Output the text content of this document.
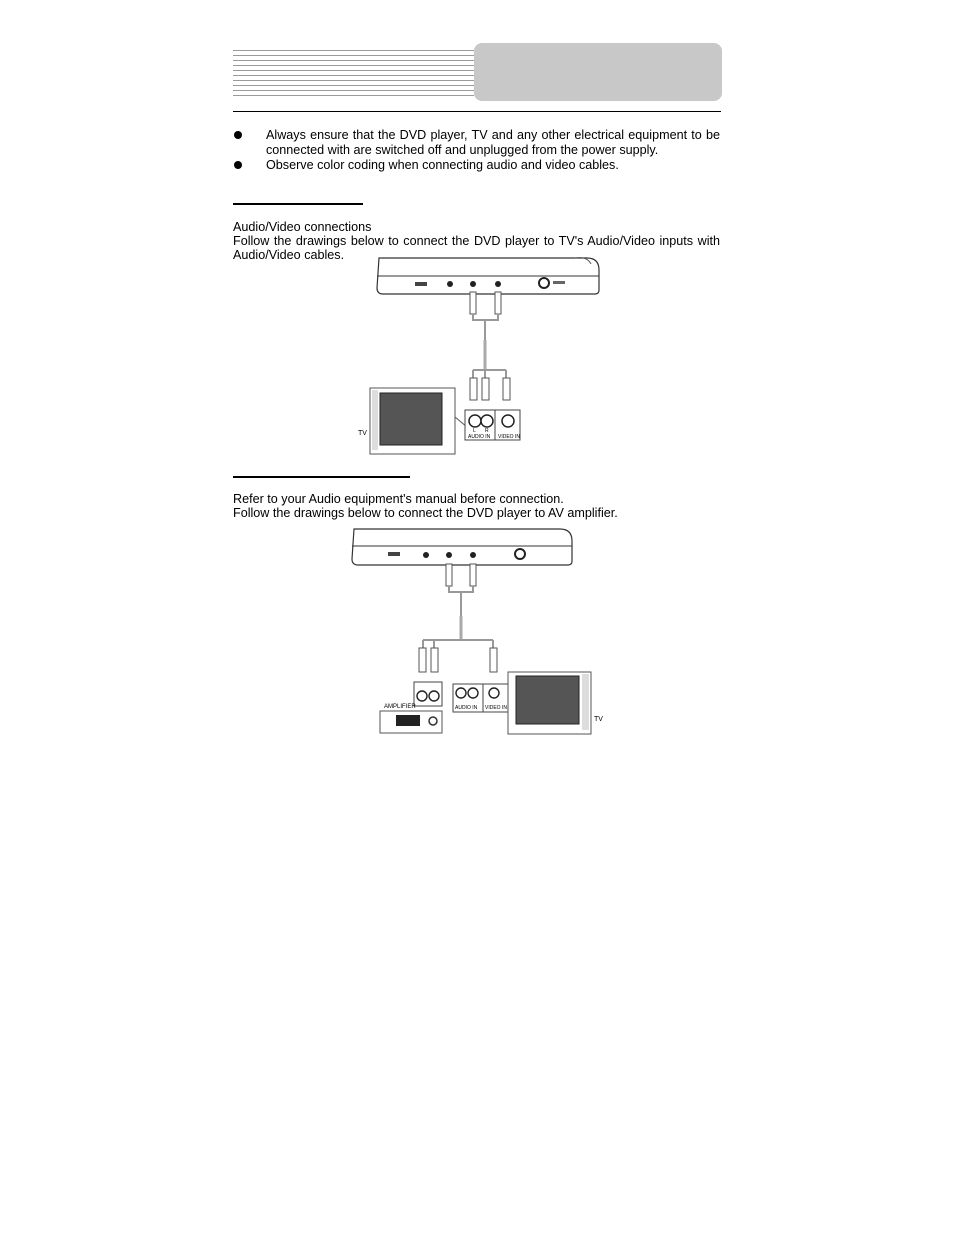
Always ensure that the DVD player, TV and any other electrical equipment to be connected with are switched off and unplugged from the power supply.
Observe color coding when connecting audio and video cables.
Audio/Video connections
Follow the drawings below to connect the DVD player to TV's Audio/Video inputs with Audio/Video cables.
TV	L R
AUDIO IN VIDEO IN
Refer to your Audio equipment's manual before connection.
Follow the drawings below to connect the DVD player to AV amplifier.
AMPLIFIER	AUDIO IN VIDEO IN
TV
